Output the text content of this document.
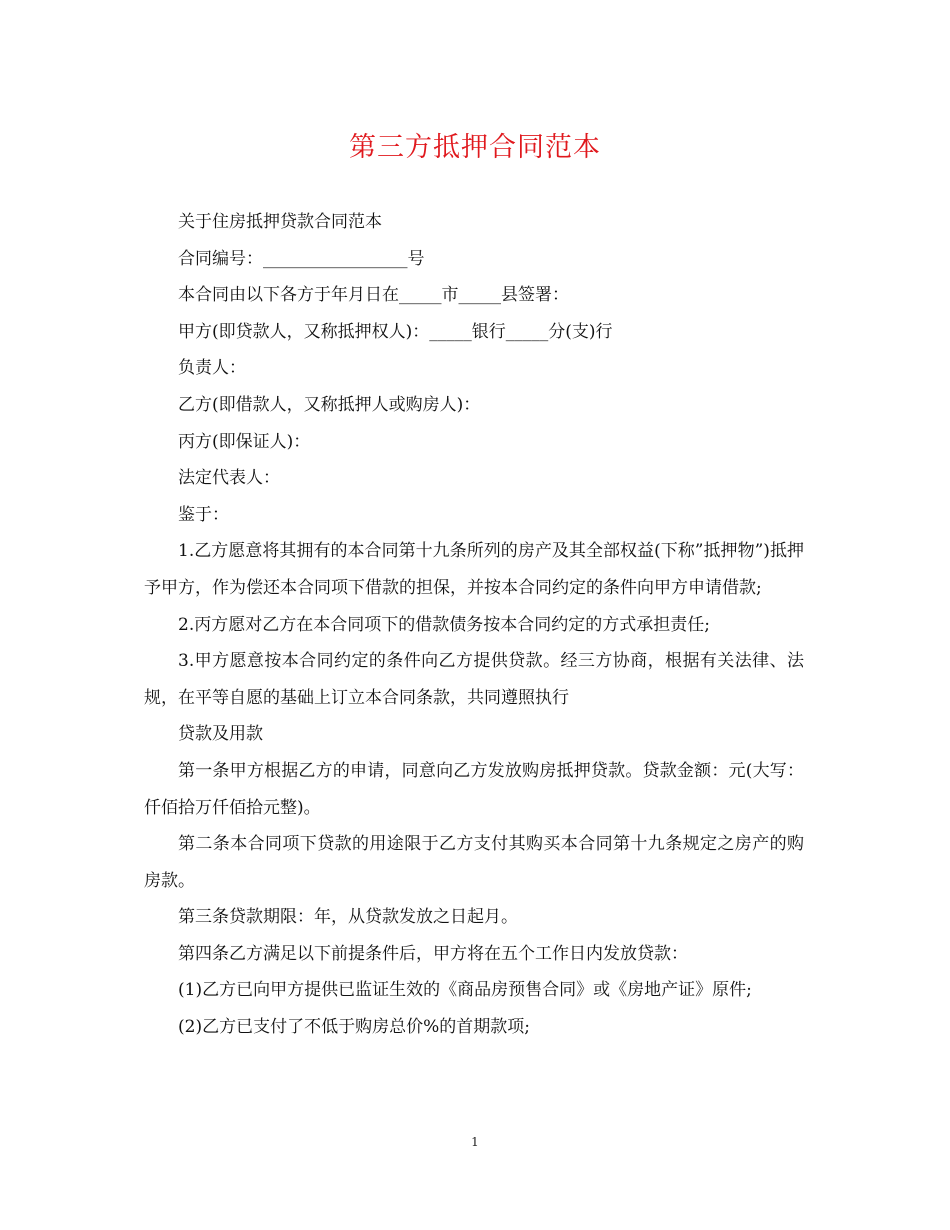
第三方抵押合同范本

关于住房抵押贷款合同范本

合同编号：_________________号

本合同由以下各方于年月日在_____市_____县签署：

甲方(即贷款人，又称抵押权人)：_____银行_____分(支)行

负责人：

乙方(即借款人，又称抵押人或购房人)：

丙方(即保证人)：

法定代表人：

鉴于：

1.乙方愿意将其拥有的本合同第十九条所列的房产及其全部权益(下称”抵押物”)抵押予甲方，作为偿还本合同项下借款的担保，并按本合同约定的条件向甲方申请借款;

2.丙方愿对乙方在本合同项下的借款债务按本合同约定的方式承担责任;

3.甲方愿意按本合同约定的条件向乙方提供贷款。经三方协商，根据有关法律、法规，在平等自愿的基础上订立本合同条款，共同遵照执行

贷款及用款

第一条甲方根据乙方的申请，同意向乙方发放购房抵押贷款。贷款金额：元(大写：仟佰拾万仟佰拾元整)。

第二条本合同项下贷款的用途限于乙方支付其购买本合同第十九条规定之房产的购房款。

第三条贷款期限：年，从贷款发放之日起月。

第四条乙方满足以下前提条件后，甲方将在五个工作日内发放贷款：

(1)乙方已向甲方提供已监证生效的《商品房预售合同》或《房地产证》原件;

(2)乙方已支付了不低于购房总价%的首期款项;

1
